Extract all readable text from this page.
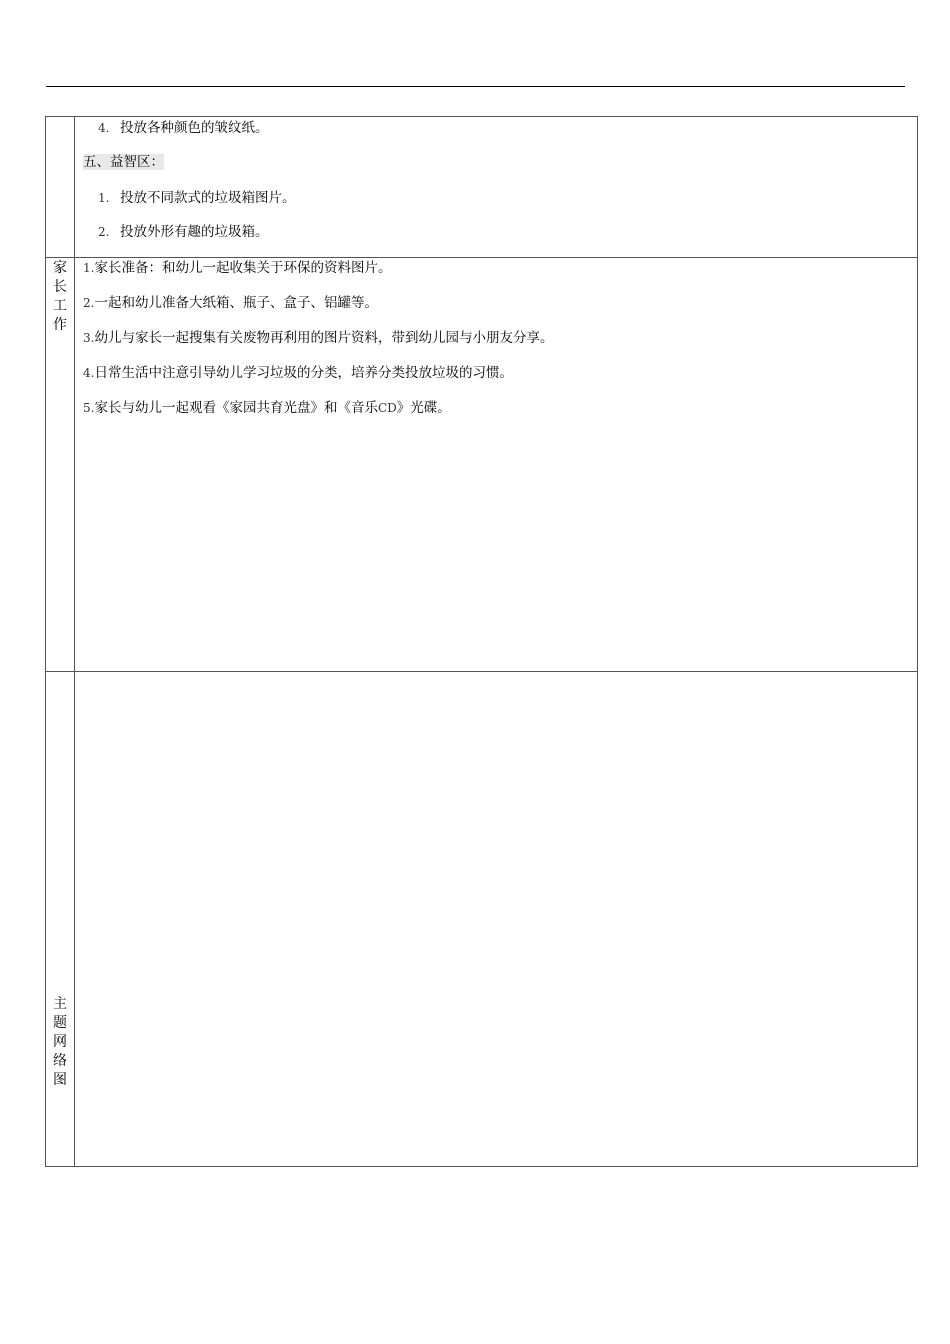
4. 投放各种颜色的皱纹纸。
五、益智区：
1. 投放不同款式的垃圾箱图片。
2. 投放外形有趣的垃圾箱。
家
长
工
作
1.家长准备：和幼儿一起收集关于环保的资料图片。
2.一起和幼儿准备大纸箱、瓶子、盒子、铝罐等。
3.幼儿与家长一起搜集有关废物再利用的图片资料，带到幼儿园与小朋友分享。
4.日常生活中注意引导幼儿学习垃圾的分类，培养分类投放垃圾的习惯。
5.家长与幼儿一起观看《家园共育光盘》和《音乐CD》光碟。
主
题
网
络
图
